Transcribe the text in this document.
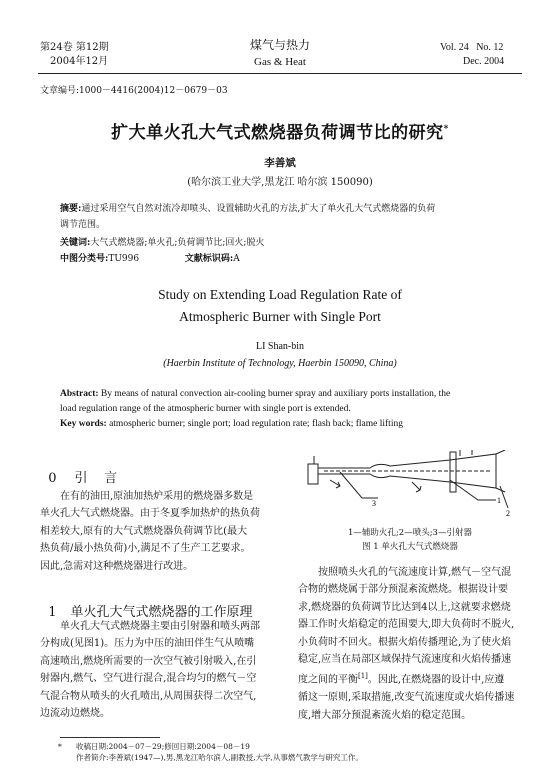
第24卷 第12期
2004年12月
煤气与热力
Gas & Heat
Vol. 24   No. 12
Dec. 2004
文章编号:1000－4416(2004)12－0679－03
扩大单火孔大气式燃烧器负荷调节比的研究*
李善斌
(哈尔滨工业大学,黑龙江 哈尔滨 150090)
摘要:通过采用空气自然对流冷却喷头、设置辅助火孔的方法,扩大了单火孔大气式燃烧器的负荷
调节范围。
关键词:大气式燃烧器;单火孔;负荷调节比;回火;脱火
中图分类号:TU996	文献标识码:A
Study on Extending Load Regulation Rate of
Atmospheric Burner with Single Port
LI Shan-bin
(Haerbin Institute of Technology, Haerbin 150090, China)
Abstract: By means of natural convection air-cooling burner spray and auxiliary ports installation, the
load regulation range of the atmospheric burner with single port is extended.
Key words: atmospheric burner; single port; load regulation rate; flash back; flame lifting

0 引    言

在有的油田,原油加热炉采用的燃烧器多数是
单火孔大气式燃烧器。由于冬夏季加热炉的热负荷
相差较大,原有的大气式燃烧器负荷调节比(最大
热负荷/最小热负荷)小,满足不了生产工艺要求。
因此,急需对这种燃烧器进行改进。
1
2
3
1—辅助火孔;2—喷头;3—引射器
图 1 单火孔大气式燃烧器

1 单火孔大气式燃烧器的工作原理

单火孔大气式燃烧器主要由引射器和喷头两部
分构成(见图1)。压力为中压的油田伴生气从喷嘴
高速喷出,燃烧所需要的一次空气被引射吸入,在引
射器内,燃气、空气进行混合,混合均匀的燃气－空
气混合物从喷头的火孔喷出,从周围获得二次空气,
边流动边燃烧。
按照喷头火孔的气流速度计算,燃气－空气混
合物的燃烧属于部分预混紊流燃烧。根据设计要
求,燃烧器的负荷调节比达到4以上,这就要求燃烧
器工作时火焰稳定的范围要大,即大负荷时不脱火,
小负荷时不回火。根据火焰传播理论,为了使火焰
稳定,应当在局部区域保持气流速度和火焰传播速
度之间的平衡[1]。因此,在燃烧器的设计中,应遵
循这一原则,采取措施,改变气流速度或火焰传播速
度,增大部分预混紊流火焰的稳定范围。
* 收稿日期:2004－07－29;修回日期:2004－08－19
作者简介:李善斌(1947—),男,黑龙江哈尔滨人,副教授,大学,从事燃气教学与研究工作。
